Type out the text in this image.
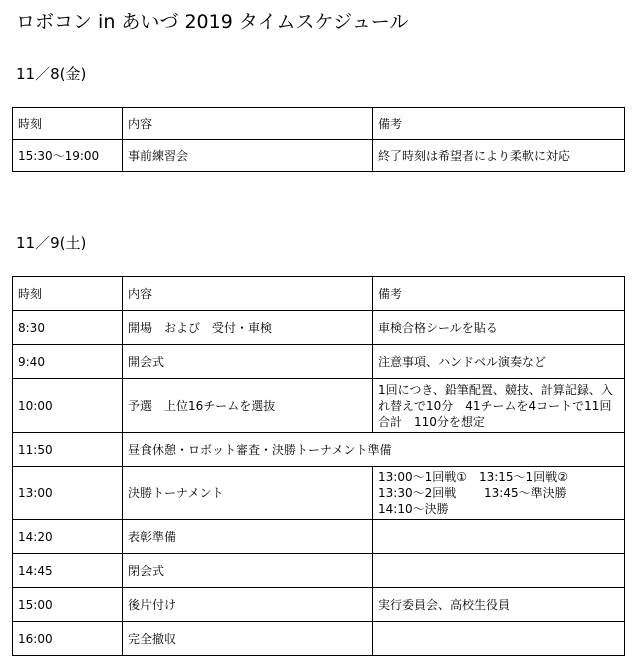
ロボコン in あいづ 2019 タイムスケジュール
11／8(金)
時刻	内容	備考
15:30～19:00	事前練習会	終了時刻は希望者により柔軟に対応
11／9(土)
時刻	内容	備考
8:30	開場　および　受付・車検	車検合格シールを貼る
9:40	開会式	注意事項、ハンドベル演奏など
10:00	予選　上位16チームを選抜	1回につき、鉛筆配置、競技、計算記録、入れ替えで10分　41チームを4コートで11回合計　110分を想定
11:50	昼食休憩・ロボット審査・決勝トーナメント準備	
13:00	決勝トーナメント	13:00～1回戦①　13:15～1回戦②
13:30～2回戦　　 13:45～準決勝
14:10～決勝

14:20	表彰準備	
14:45	閉会式	
15:00	後片付け	実行委員会、高校生役員
16:00	完全撤収	
